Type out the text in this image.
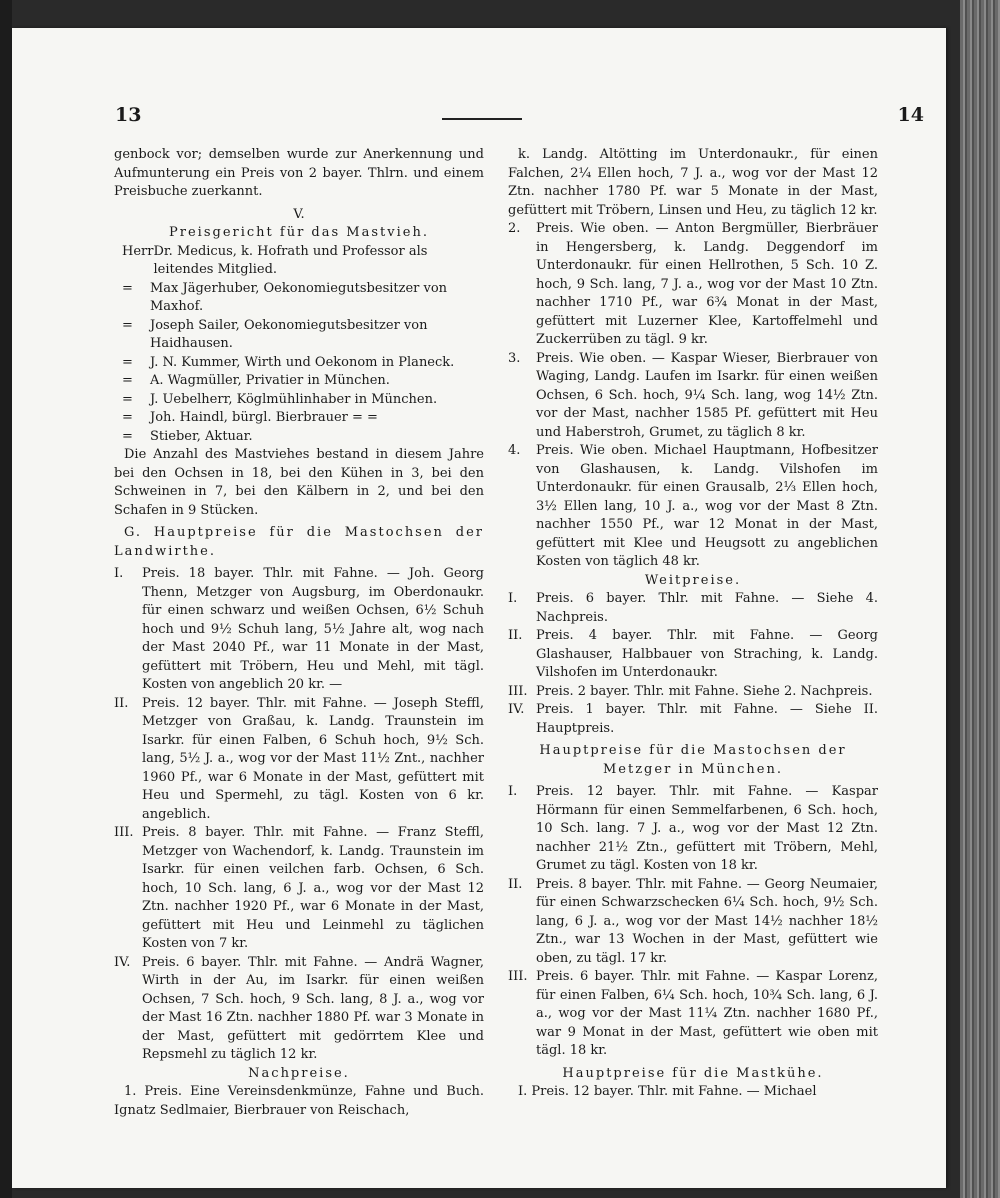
13	14

genbock vor; demselben wurde zur Anerkennung und Aufmunterung ein Preis von 2 bayer. Thlrn. und einem Preisbuche zuerkannt.

V.

Preisgericht für das Mastvieh.

Herr Dr. Medicus, k. Hofrath und Professor als leitendes Mitglied.
=	Max Jägerhuber, Oekonomiegutsbesitzer von Maxhof.
=	Joseph Sailer, Oekonomiegutsbesitzer von Haidhausen.
=	J. N. Kummer, Wirth und Oekonom in Planeck.
=	A. Wagmüller, Privatier in München.
=	J. Uebelherr, Köglmühlinhaber in München.
=	Joh. Haindl, bürgl. Bierbrauer = =
=	Stieber, Aktuar.

Die Anzahl des Mastviehes bestand in diesem Jahre bei den Ochsen in 18, bei den Kühen in 3, bei den Schweinen in 7, bei den Kälbern in 2, und bei den Schafen in 9 Stücken.

G. Hauptpreise für die Mastochsen der Landwirthe.

I.	Preis. 18 bayer. Thlr. mit Fahne. — Joh. Georg Thenn, Metzger von Augsburg, im Oberdonaukr. für einen schwarz und weißen Ochsen, 6½ Schuh hoch und 9½ Schuh lang, 5½ Jahre alt, wog nach der Mast 2040 Pf., war 11 Monate in der Mast, gefüttert mit Tröbern, Heu und Mehl, mit tägl. Kosten von angeblich 20 kr. —
II.	Preis. 12 bayer. Thlr. mit Fahne. — Joseph Steffl, Metzger von Graßau, k. Landg. Traunstein im Isarkr. für einen Falben, 6 Schuh hoch, 9½ Sch. lang, 5½ J. a., wog vor der Mast 11½ Znt., nachher 1960 Pf., war 6 Monate in der Mast, gefüttert mit Heu und Spermehl, zu tägl. Kosten von 6 kr. angeblich.
III. Preis. 8 bayer. Thlr. mit Fahne. — Franz Steffl, Metzger von Wachendorf, k. Landg. Traunstein im Isarkr. für einen veilchen farb. Ochsen, 6 Sch. hoch, 10 Sch. lang, 6 J. a., wog vor der Mast 12 Ztn. nachher 1920 Pf., war 6 Monate in der Mast, gefüttert mit Heu und Leinmehl zu täglichen Kosten von 7 kr.
IV. Preis. 6 bayer. Thlr. mit Fahne. — Andrä Wagner, Wirth in der Au, im Isarkr. für einen weißen Ochsen, 7 Sch. hoch, 9 Sch. lang, 8 J. a., wog vor der Mast 16 Ztn. nachher 1880 Pf. war 3 Monate in der Mast, gefüttert mit gedörrtem Klee und Repsmehl zu täglich 12 kr.

Nachpreise.

1. Preis. Eine Vereinsdenkmünze, Fahne und Buch. Ignatz Sedlmaier, Bierbrauer von Reischach,

k. Landg. Altötting im Unterdonaukr., für einen Falchen, 2¼ Ellen hoch, 7 J. a., wog vor der Mast 12 Ztn. nachher 1780 Pf. war 5 Monate in der Mast, gefüttert mit Tröbern, Linsen und Heu, zu täglich 12 kr.

2.	Preis. Wie oben. — Anton Bergmüller, Bierbräuer in Hengersberg, k. Landg. Deggendorf im Unterdonaukr. für einen Hellrothen, 5 Sch. 10 Z. hoch, 9 Sch. lang, 7 J. a., wog vor der Mast 10 Ztn. nachher 1710 Pf., war 6¾ Monat in der Mast, gefüttert mit Luzerner Klee, Kartoffelmehl und Zuckerrüben zu tägl. 9 kr.
3.	Preis. Wie oben. — Kaspar Wieser, Bierbrauer von Waging, Landg. Laufen im Isarkr. für einen weißen Ochsen, 6 Sch. hoch, 9¼ Sch. lang, wog 14½ Ztn. vor der Mast, nachher 1585 Pf. gefüttert mit Heu und Haberstroh, Grumet, zu täglich 8 kr.
4.	Preis. Wie oben. Michael Hauptmann, Hofbesitzer von Glashausen, k. Landg. Vilshofen im Unterdonaukr. für einen Grausalb, 2⅓ Ellen hoch, 3½ Ellen lang, 10 J. a., wog vor der Mast 8 Ztn. nachher 1550 Pf., war 12 Monat in der Mast, gefüttert mit Klee und Heugsott zu angeblichen Kosten von täglich 48 kr.

Weitpreise.

I.	Preis. 6 bayer. Thlr. mit Fahne. — Siehe 4. Nachpreis.
II.	Preis. 4 bayer. Thlr. mit Fahne. — Georg Glashauser, Halbbauer von Straching, k. Landg. Vilshofen im Unterdonaukr.
III. Preis. 2 bayer. Thlr. mit Fahne. Siehe 2. Nachpreis.
IV. Preis. 1 bayer. Thlr. mit Fahne. — Siehe II. Hauptpreis.

Hauptpreise für die Mastochsen der Metzger in München.

I.	Preis. 12 bayer. Thlr. mit Fahne. — Kaspar Hörmann für einen Semmelfarbenen, 6 Sch. hoch, 10 Sch. lang. 7 J. a., wog vor der Mast 12 Ztn. nachher 21½ Ztn., gefüttert mit Tröbern, Mehl, Grumet zu tägl. Kosten von 18 kr.
II.	Preis. 8 bayer. Thlr. mit Fahne. — Georg Neumaier, für einen Schwarzschecken 6¼ Sch. hoch, 9½ Sch. lang, 6 J. a., wog vor der Mast 14½ nachher 18½ Ztn., war 13 Wochen in der Mast, gefüttert wie oben, zu tägl. 17 kr.
III. Preis. 6 bayer. Thlr. mit Fahne. — Kaspar Lorenz, für einen Falben, 6¼ Sch. hoch, 10¾ Sch. lang, 6 J. a., wog vor der Mast 11¼ Ztn. nachher 1680 Pf., war 9 Monat in der Mast, gefüttert wie oben mit tägl. 18 kr.

Hauptpreise für die Mastkühe.

I. Preis. 12 bayer. Thlr. mit Fahne. — Michael
